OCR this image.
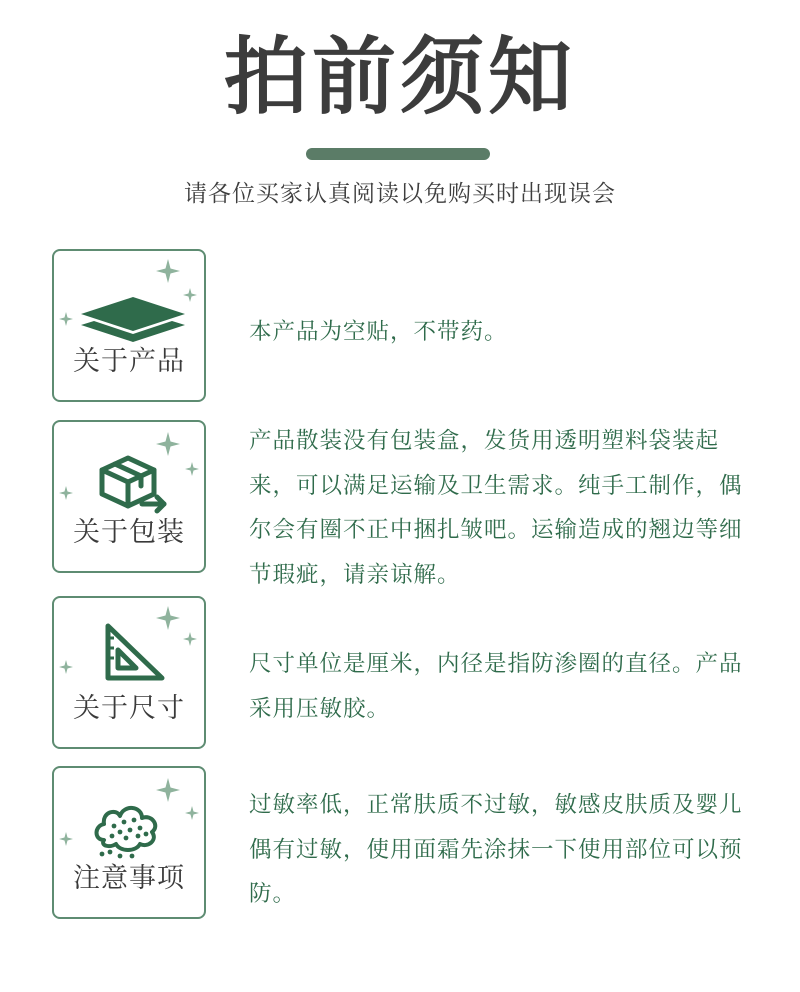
拍前须知
请各位买家认真阅读以免购买时出现误会
关于产品
本产品为空贴，不带药。
关于包装
产品散装没有包装盒，发货用透明塑料袋装起来，可以满足运输及卫生需求。纯手工制作，偶尔会有圈不正中捆扎皱吧。运输造成的翘边等细节瑕疵，请亲谅解。
关于尺寸
尺寸单位是厘米，内径是指防渗圈的直径。产品采用压敏胶。
注意事项
过敏率低，正常肤质不过敏，敏感皮肤质及婴儿偶有过敏，使用面霜先涂抹一下使用部位可以预防。
